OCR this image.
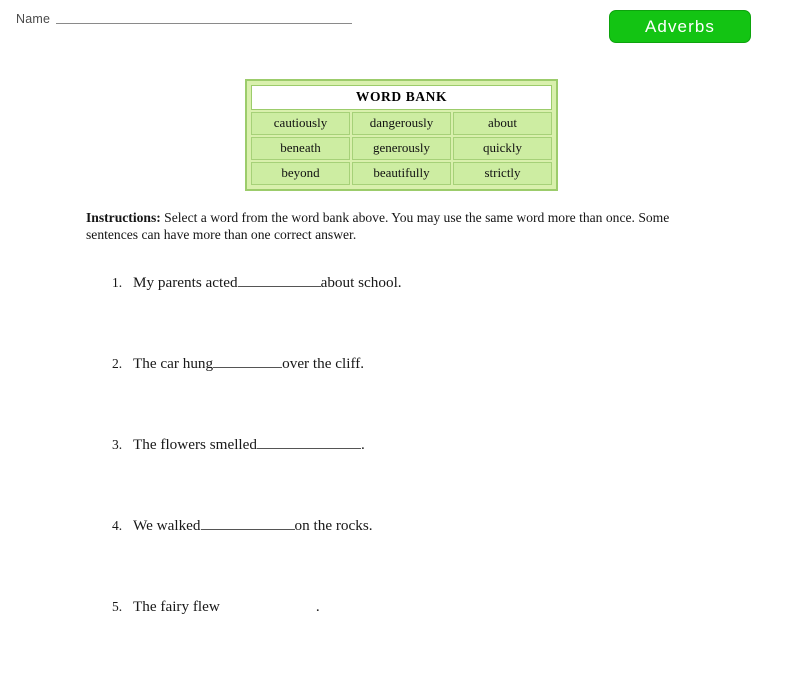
Name	Adverbs
WORD BANK		
cautiously	dangerously	about
beneath	generously	quickly
beyond	beautifully	strictly
Instructions: Select a word from the word bank above. You may use the same word more than once. Some sentences can have more than one correct answer.
1. My parents acted	about school.
2. The car hung	over the cliff.
3. The flowers smelled	.
4. We walked	on the rocks.
5. The fairy flew	.
